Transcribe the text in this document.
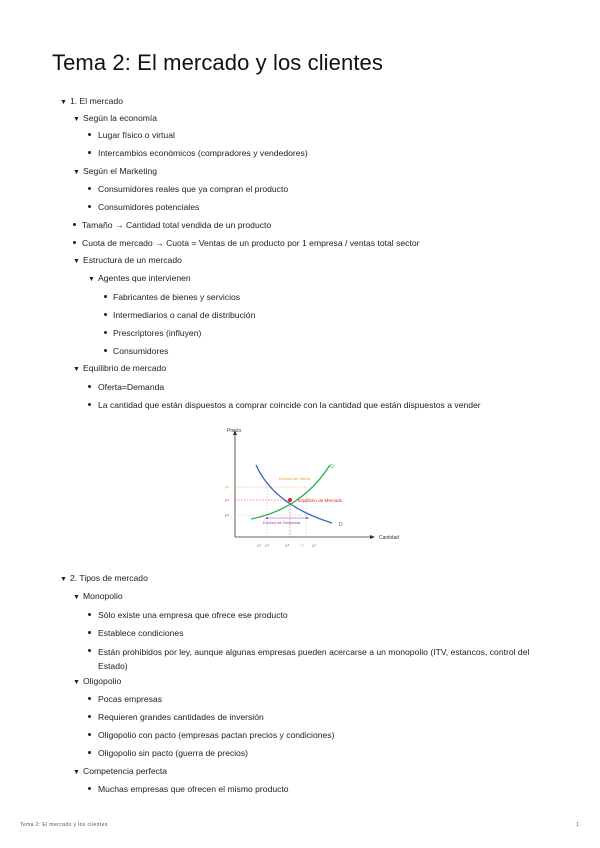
Tema 2: El mercado y los clientes
▼ 1. El mercado
▼ Según la economía
Lugar físico o virtual
Intercambios económicos (compradores y vendedores)
▼ Según el Marketing
Consumidores reales que ya compran el producto
Consumidores potenciales
Tamaño → Cantidad total vendida de un producto
Cuota de mercado → Cuota = Ventas de un producto por 1 empresa / ventas total sector
▼ Estructura de un mercado
▼ Agentes que intervienen
Fabricantes de bienes y servicios
Intermediarios o canal de distribución
Prescriptores (influyen)
Consumidores
▼ Equilibrio de mercado
Oferta=Demanda
La cantidad que están dispuestos a comprar coincide con la cantidad que están dispuestos a vender
Precio
Cantidad
O
D
Exceso de Oferta
Exceso de Demanda
Equilibrio de Mercado
P²
P¹
P³
C¹ C²	C³	C² C¹
▼ 2. Tipos de mercado
▼ Monopolio
Sólo existe una empresa que ofrece ese producto
Establece condiciones
Están prohibidos por ley, aunque algunas empresas pueden acercarse a un monopolio (ITV, estancos, control del Estado)
▼ Oligopolio
Pocas empresas
Requieren grandes cantidades de inversión
Oligopolio con pacto (empresas pactan precios y condiciones)
Oligopolio sin pacto (guerra de precios)
▼ Competencia perfecta
Muchas empresas que ofrecen el mismo producto
Tema 2: El mercado y los clientes	1
